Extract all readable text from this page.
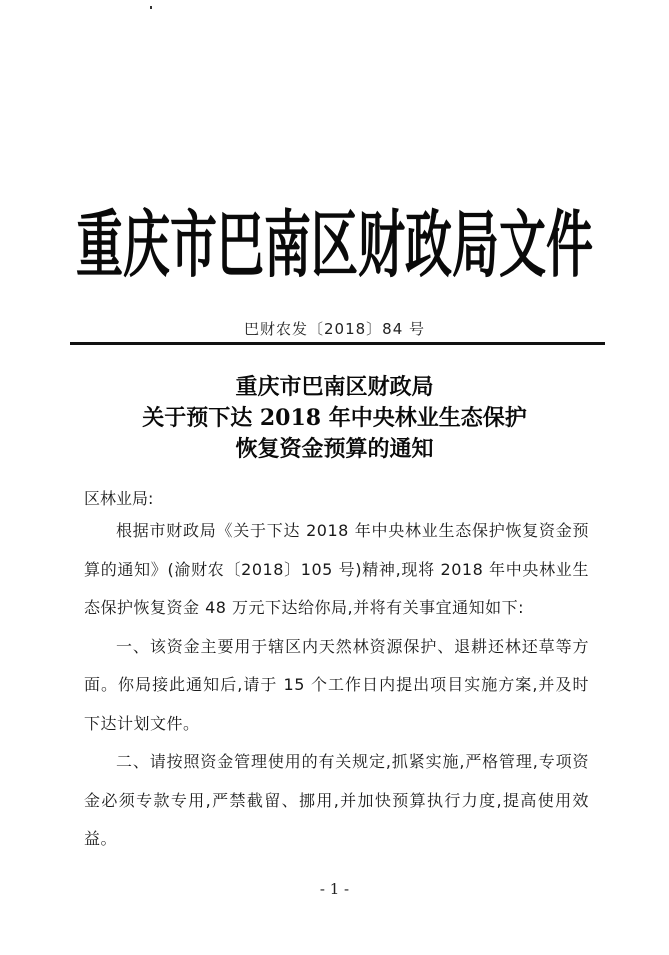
重庆市巴南区财政局文件
巴财农发〔2018〕84 号
重庆市巴南区财政局
关于预下达 2018 年中央林业生态保护
恢复资金预算的通知
区林业局:

根据市财政局《关于下达 2018 年中央林业生态保护恢复资金预算的通知》(渝财农〔2018〕105 号)精神,现将 2018 年中央林业生态保护恢复资金 48 万元下达给你局,并将有关事宜通知如下:

一、该资金主要用于辖区内天然林资源保护、退耕还林还草等方面。你局接此通知后,请于 15 个工作日内提出项目实施方案,并及时下达计划文件。

二、请按照资金管理使用的有关规定,抓紧实施,严格管理,专项资金必须专款专用,严禁截留、挪用,并加快预算执行力度,提高使用效益。

- 1 -
